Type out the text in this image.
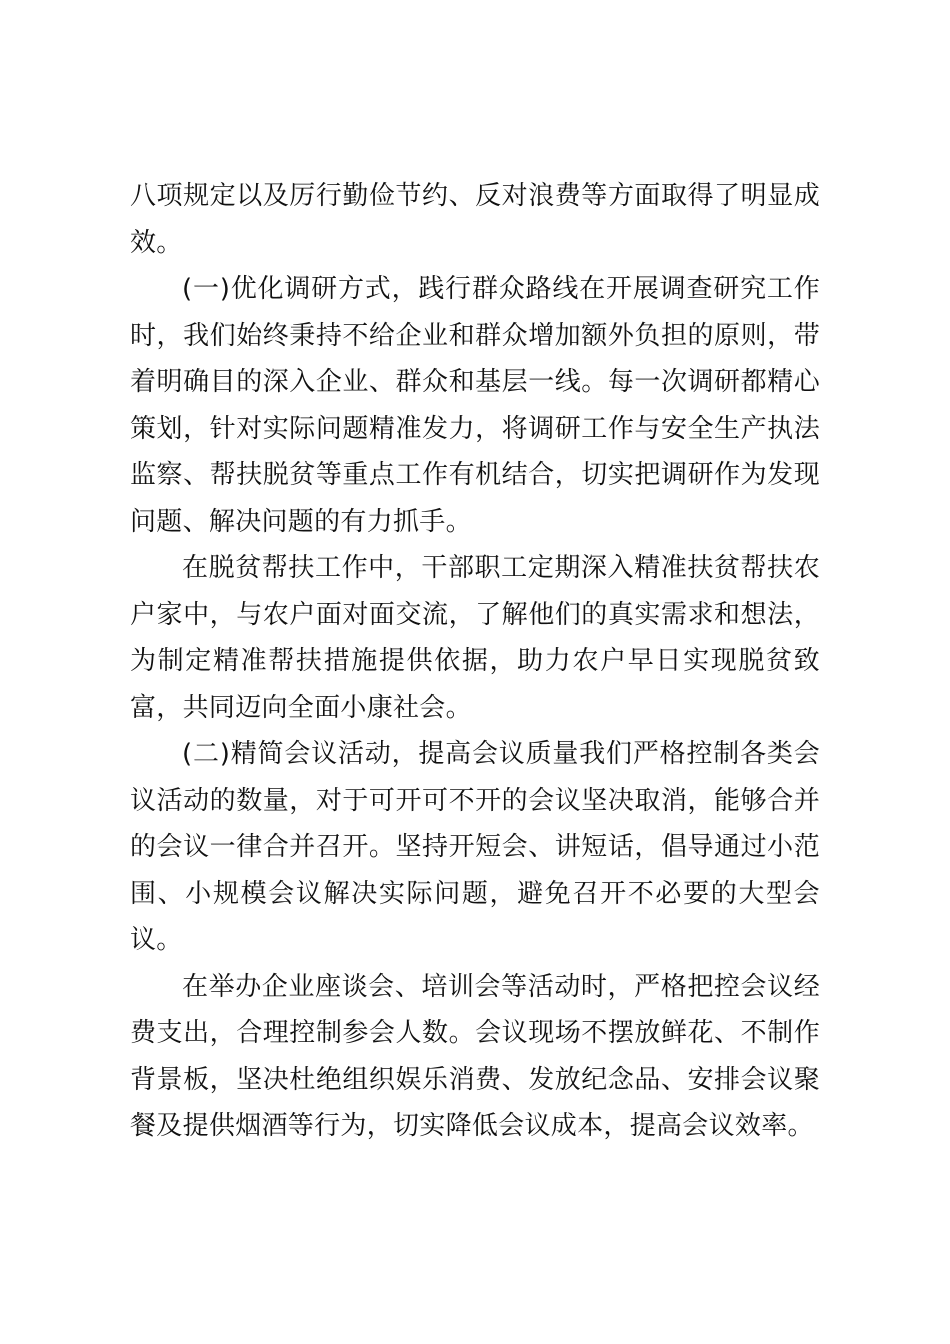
八项规定以及厉行勤俭节约、反对浪费等方面取得了明显成效。

(一)优化调研方式，践行群众路线在开展调查研究工作时，我们始终秉持不给企业和群众增加额外负担的原则，带着明确目的深入企业、群众和基层一线。每一次调研都精心策划，针对实际问题精准发力，将调研工作与安全生产执法监察、帮扶脱贫等重点工作有机结合，切实把调研作为发现问题、解决问题的有力抓手。

在脱贫帮扶工作中，干部职工定期深入精准扶贫帮扶农户家中，与农户面对面交流，了解他们的真实需求和想法，为制定精准帮扶措施提供依据，助力农户早日实现脱贫致富，共同迈向全面小康社会。

(二)精简会议活动，提高会议质量我们严格控制各类会议活动的数量，对于可开可不开的会议坚决取消，能够合并的会议一律合并召开。坚持开短会、讲短话，倡导通过小范围、小规模会议解决实际问题，避免召开不必要的大型会议。

在举办企业座谈会、培训会等活动时，严格把控会议经费支出，合理控制参会人数。会议现场不摆放鲜花、不制作背景板，坚决杜绝组织娱乐消费、发放纪念品、安排会议聚餐及提供烟酒等行为，切实降低会议成本，提高会议效率。
